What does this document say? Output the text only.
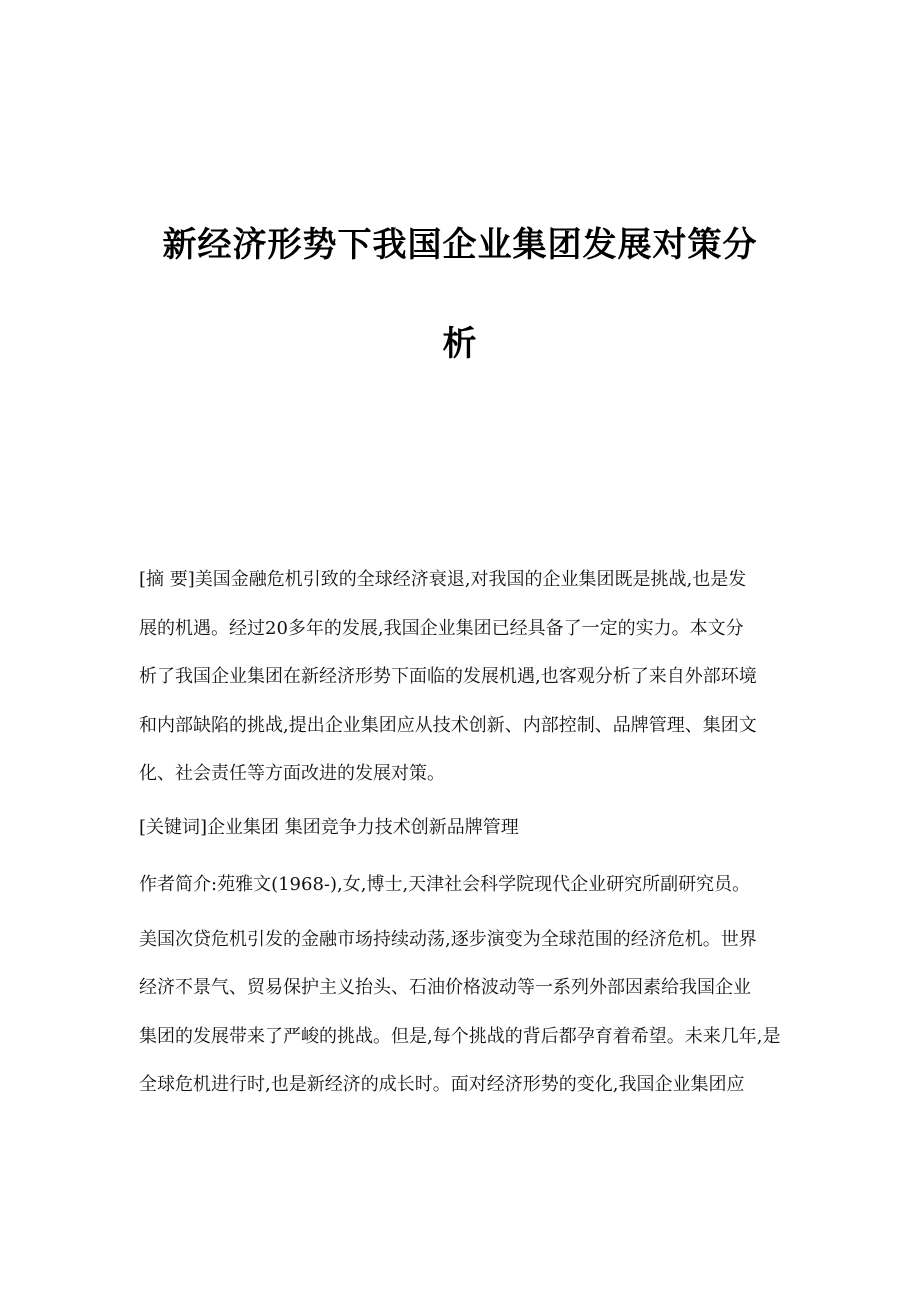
新经济形势下我国企业集团发展对策分
析
[摘 要]美国金融危机引致的全球经济衰退,对我国的企业集团既是挑战,也是发
展的机遇。经过20多年的发展,我国企业集团已经具备了一定的实力。本文分
析了我国企业集团在新经济形势下面临的发展机遇,也客观分析了来自外部环境
和内部缺陷的挑战,提出企业集团应从技术创新、内部控制、品牌管理、集团文
化、社会责任等方面改进的发展对策。
[关键词]企业集团 集团竞争力技术创新品牌管理
作者简介:苑雅文(1968-),女,博士,天津社会科学院现代企业研究所副研究员。
美国次贷危机引发的金融市场持续动荡,逐步演变为全球范围的经济危机。世界
经济不景气、贸易保护主义抬头、石油价格波动等一系列外部因素给我国企业
集团的发展带来了严峻的挑战。但是,每个挑战的背后都孕育着希望。未来几年,是
全球危机进行时,也是新经济的成长时。面对经济形势的变化,我国企业集团应
